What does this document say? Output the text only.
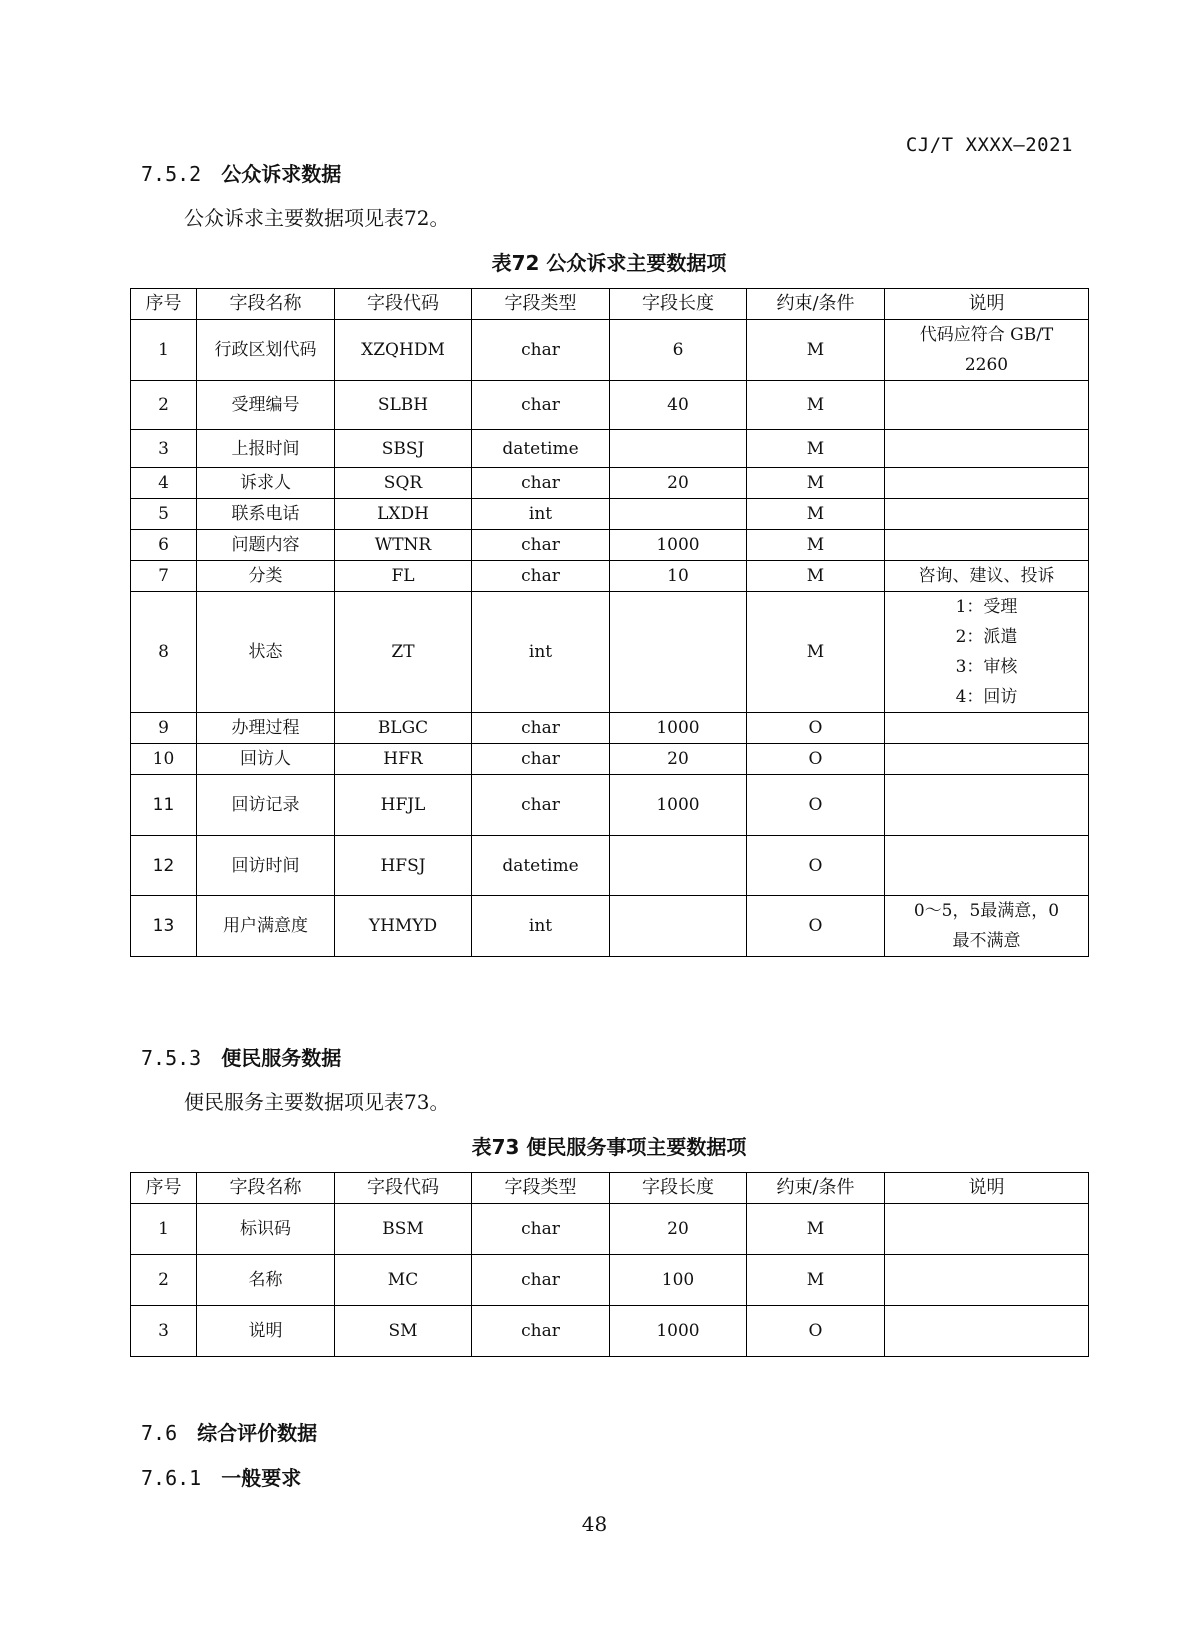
CJ/T XXXX—2021
7.5.2 公众诉求数据
公众诉求主要数据项见表72。
表72 公众诉求主要数据项
序号	字段名称	字段代码	字段类型	字段长度	约束/条件	说明
1	行政区划代码	XZQHDM	char	6	M	代码应符合 GB/T
2260
2	受理编号	SLBH	char	40	M	
3	上报时间	SBSJ	datetime		M	
4	诉求人	SQR	char	20	M	
5	联系电话	LXDH	int		M	
6	问题内容	WTNR	char	1000	M	
7	分类	FL	char	10	M	咨询、建议、投诉
8	状态	ZT	int		M	1：受理
2：派遣
3：审核
4：回访
9	办理过程	BLGC	char	1000	O	
10	回访人	HFR	char	20	O	
11	回访记录	HFJL	char	1000	O	
12	回访时间	HFSJ	datetime		O	
13	用户满意度	YHMYD	int		O	0～5，5最满意，0
最不满意
7.5.3 便民服务数据
便民服务主要数据项见表73。
表73 便民服务事项主要数据项
序号	字段名称	字段代码	字段类型	字段长度	约束/条件	说明
1	标识码	BSM	char	20	M	
2	名称	MC	char	100	M	
3	说明	SM	char	1000	O	
7.6 综合评价数据
7.6.1 一般要求
48
